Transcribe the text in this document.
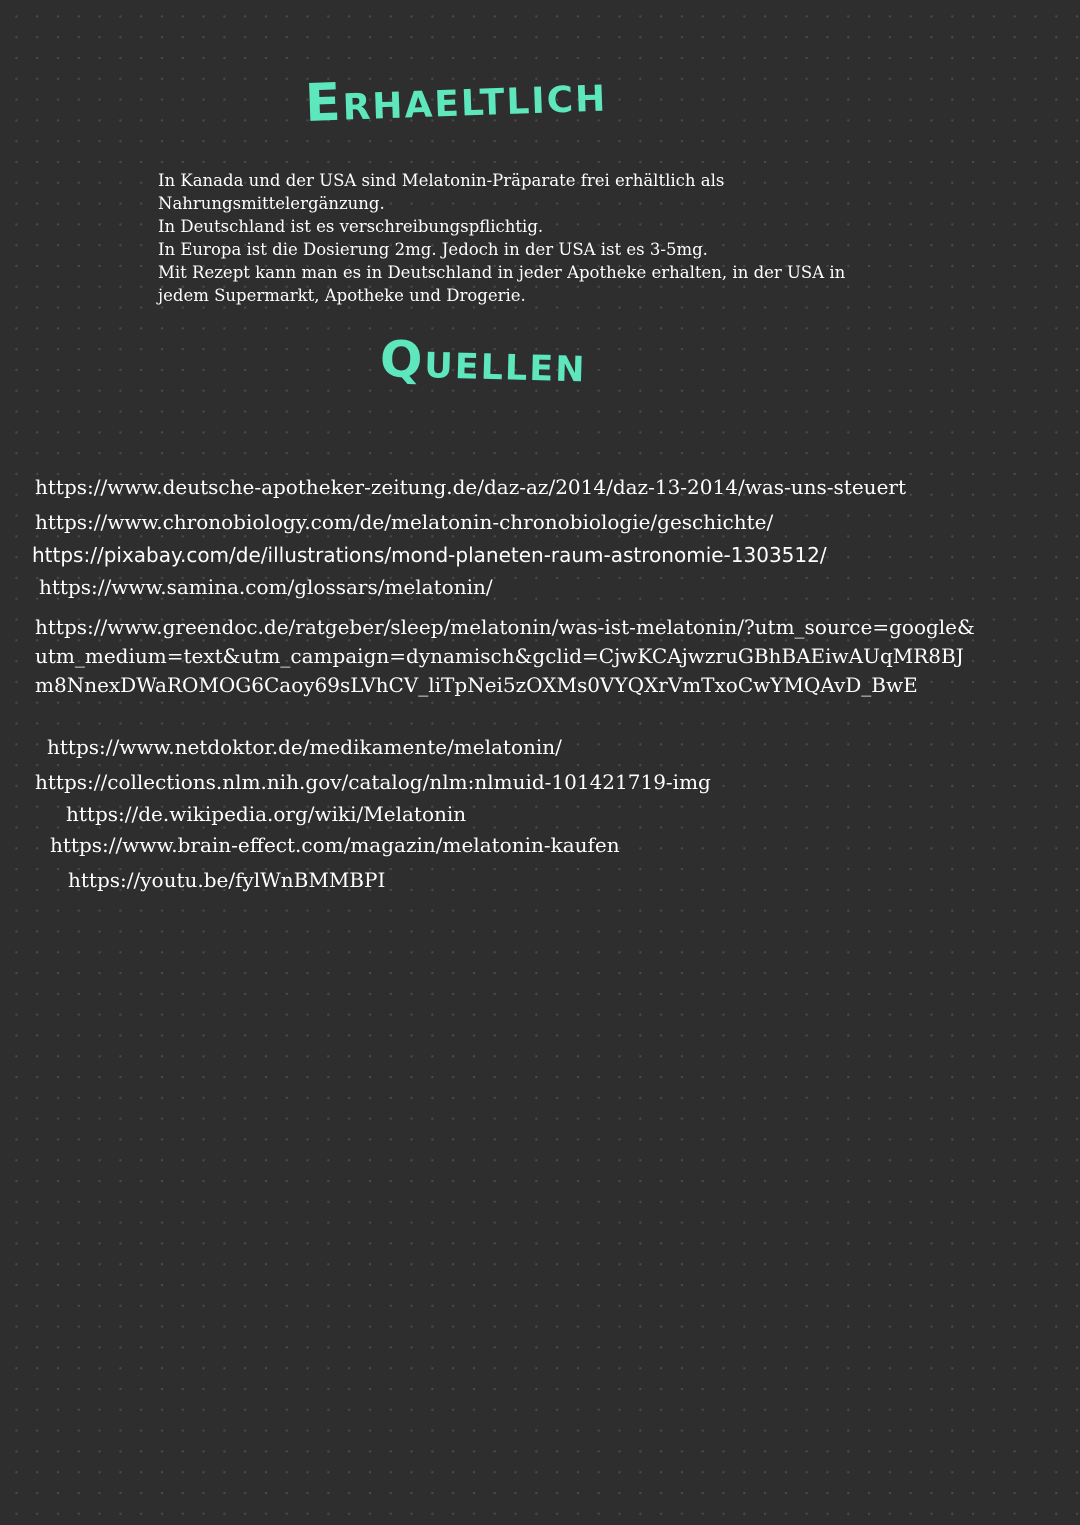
Erhaeltlich

In Kanada und der USA sind Melatonin-Präparate frei erhältlich als
Nahrungsmittelergänzung.
In Deutschland ist es verschreibungspflichtig.
In Europa ist die Dosierung 2mg. Jedoch in der USA ist es 3-5mg.
Mit Rezept kann man es in Deutschland in jeder Apotheke erhalten, in der USA in
jedem Supermarkt, Apotheke und Drogerie.

Quellen
https://www.deutsche-apotheker-zeitung.de/daz-az/2014/daz-13-2014/was-uns-steuert
https://www.chronobiology.com/de/melatonin-chronobiologie/geschichte/
https://pixabay.com/de/illustrations/mond-planeten-raum-astronomie-1303512/
https://www.samina.com/glossars/melatonin/
https://www.greendoc.de/ratgeber/sleep/melatonin/was-ist-melatonin/?utm_source=google&utm_medium=text&utm_campaign=dynamisch&gclid=CjwKCAjwzruGBhBAEiwAUqMR8BJm8NnexDWaROMOG6Caoy69sLVhCV_liTpNei5zOXMs0VYQXrVmTxoCwYMQAvD_BwE
https://www.netdoktor.de/medikamente/melatonin/
https://collections.nlm.nih.gov/catalog/nlm:nlmuid-101421719-img
https://de.wikipedia.org/wiki/Melatonin
https://www.brain-effect.com/magazin/melatonin-kaufen
https://youtu.be/fylWnBMMBPI
